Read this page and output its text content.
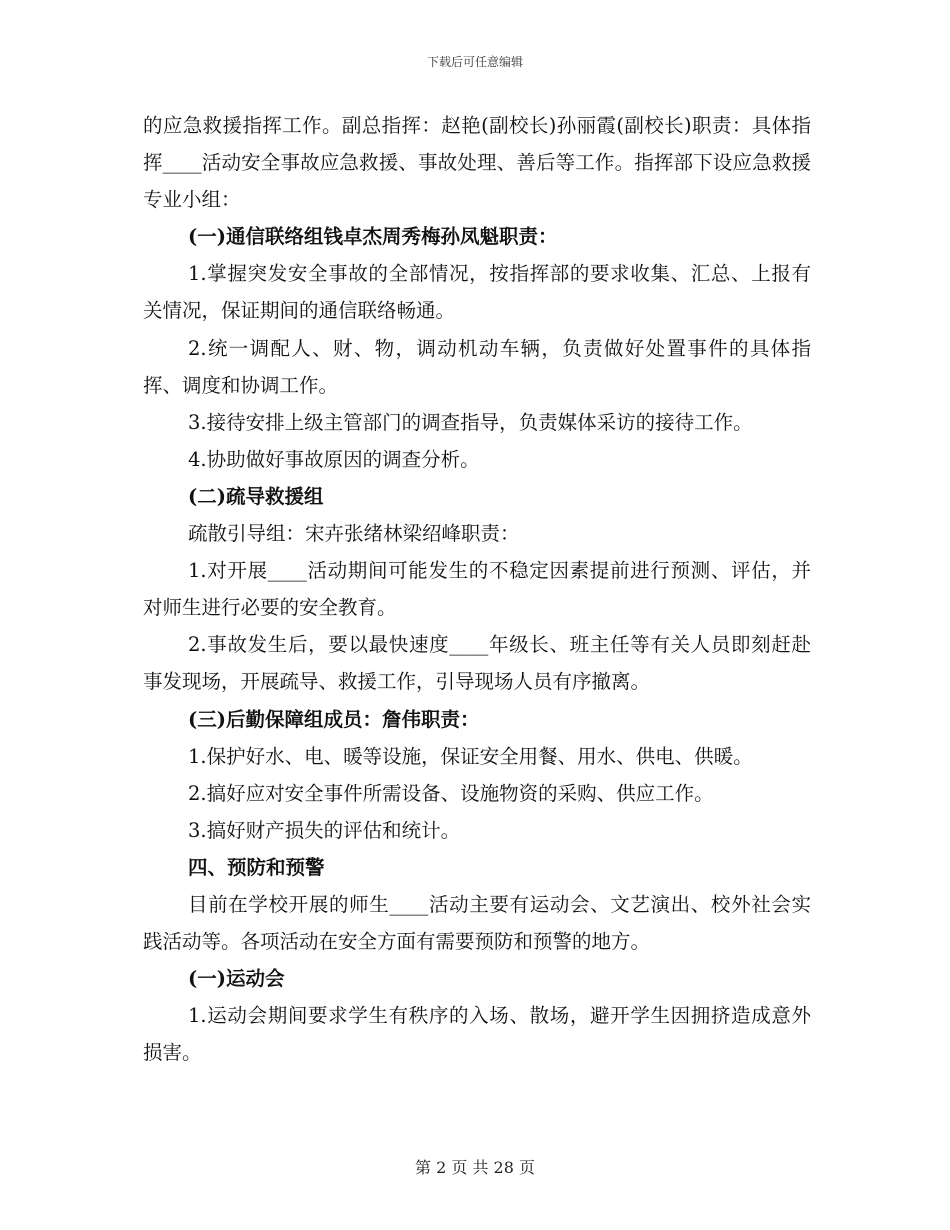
下载后可任意编辑

的应急救援指挥工作。副总指挥：赵艳(副校长)孙丽霞(副校长)职责：具体指挥____活动安全事故应急救援、事故处理、善后等工作。指挥部下设应急救援专业小组：

(一)通信联络组钱卓杰周秀梅孙凤魁职责：

1.掌握突发安全事故的全部情况，按指挥部的要求收集、汇总、上报有关情况，保证期间的通信联络畅通。

2.统一调配人、财、物，调动机动车辆，负责做好处置事件的具体指挥、调度和协调工作。

3.接待安排上级主管部门的调查指导，负责媒体采访的接待工作。

4.协助做好事故原因的调查分析。

(二)疏导救援组

疏散引导组：宋卉张绪林梁绍峰职责：

1.对开展____活动期间可能发生的不稳定因素提前进行预测、评估，并对师生进行必要的安全教育。

2.事故发生后，要以最快速度____年级长、班主任等有关人员即刻赶赴事发现场，开展疏导、救援工作，引导现场人员有序撤离。

(三)后勤保障组成员：詹伟职责：

1.保护好水、电、暖等设施，保证安全用餐、用水、供电、供暖。

2.搞好应对安全事件所需设备、设施物资的采购、供应工作。

3.搞好财产损失的评估和统计。

四、预防和预警

目前在学校开展的师生____活动主要有运动会、文艺演出、校外社会实践活动等。各项活动在安全方面有需要预防和预警的地方。

(一)运动会

1.运动会期间要求学生有秩序的入场、散场，避开学生因拥挤造成意外损害。

第 2 页 共 28 页
